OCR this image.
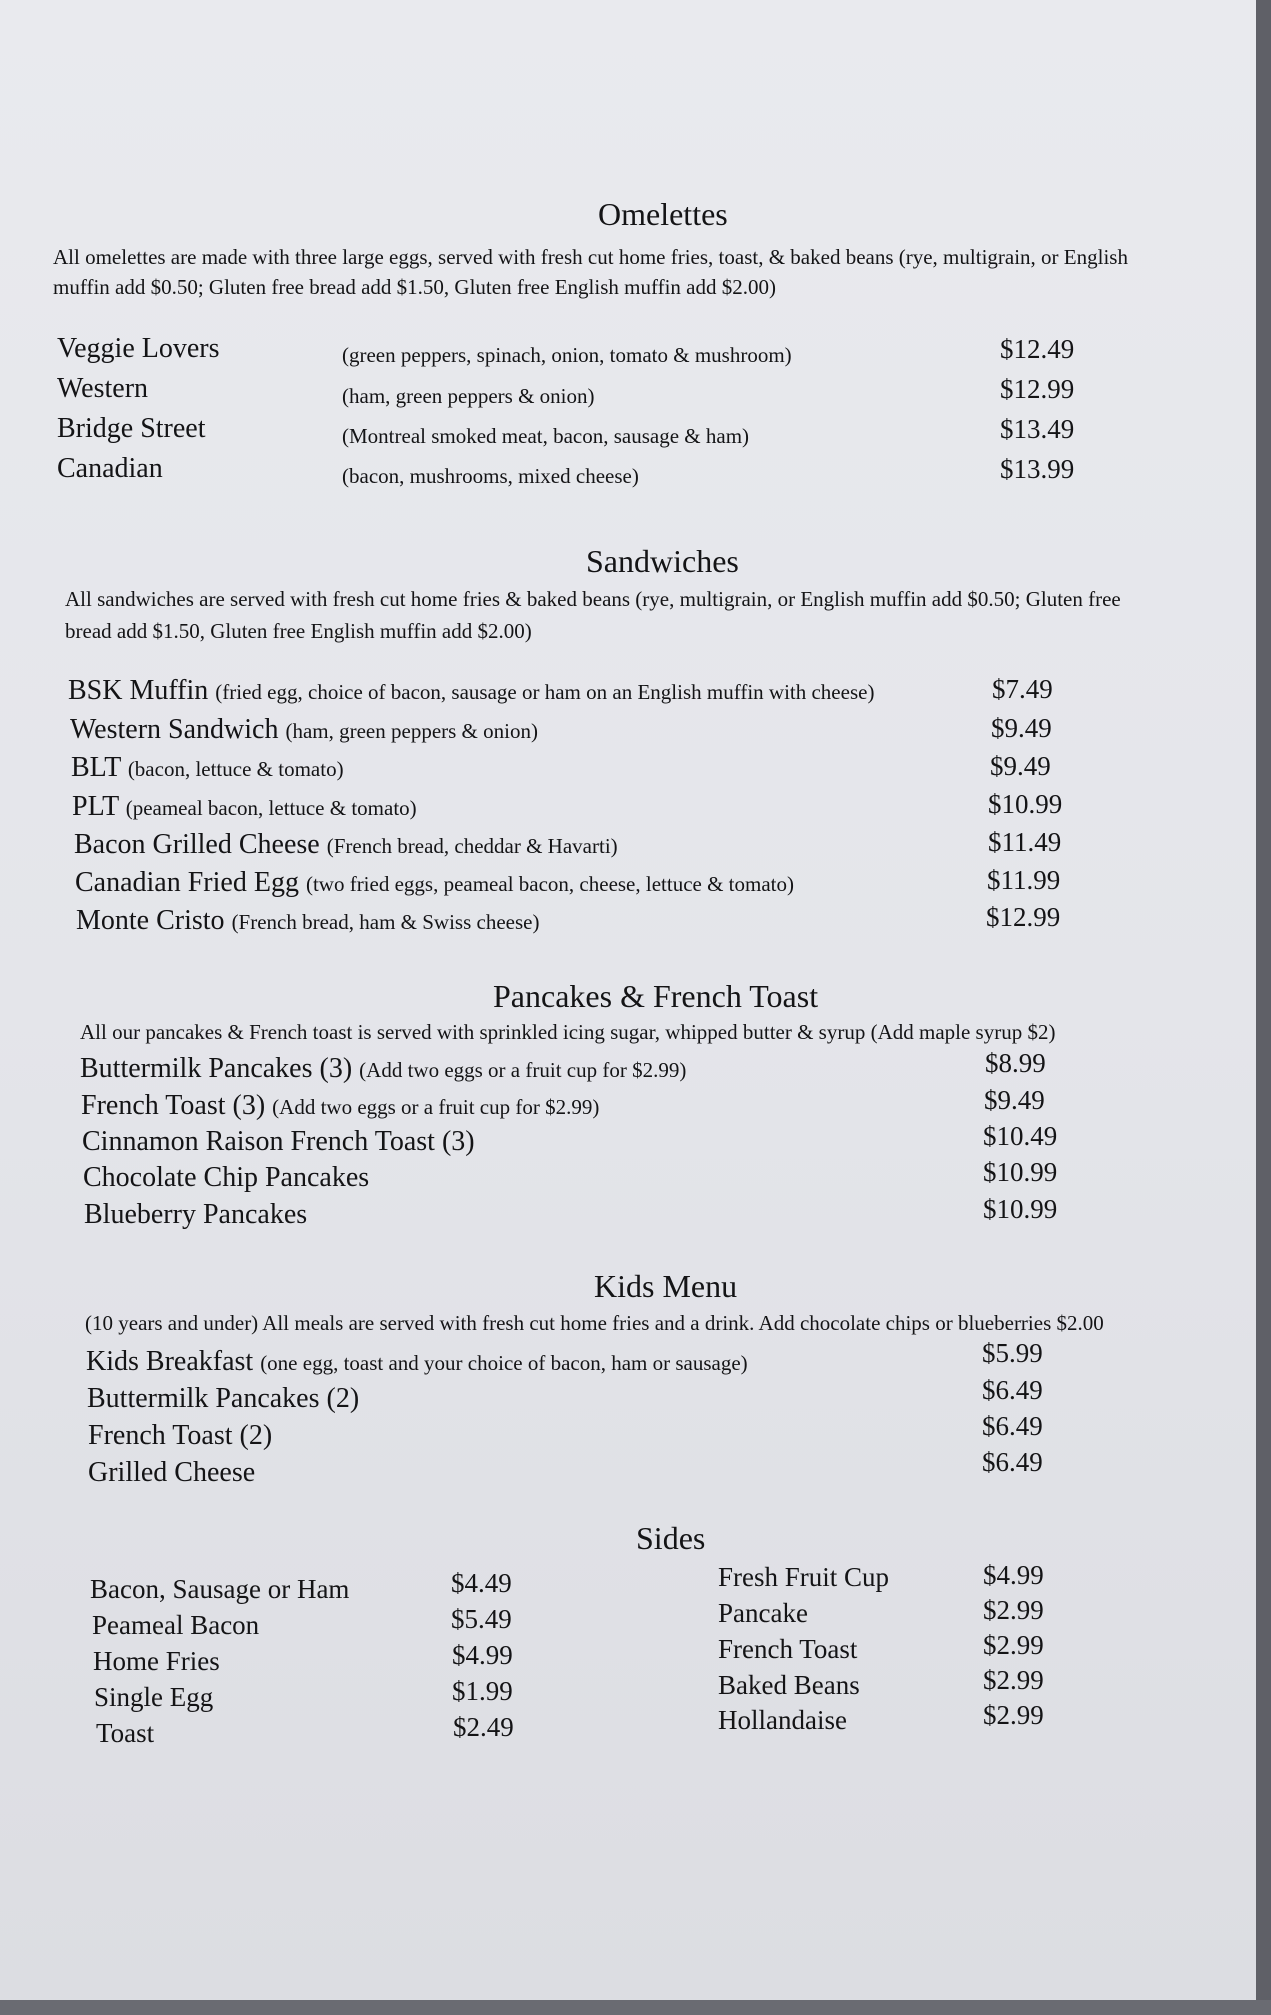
Omelettes
All omelettes are made with three large eggs, served with fresh cut home fries, toast, & baked beans (rye, multigrain, or English
muffin add $0.50; Gluten free bread add $1.50, Gluten free English muffin add $2.00)
Veggie Lovers	(green peppers, spinach, onion, tomato & mushroom)	$12.49
Western	(ham, green peppers & onion)	$12.99
Bridge Street	(Montreal smoked meat, bacon, sausage & ham)	$13.49
Canadian	(bacon, mushrooms, mixed cheese)	$13.99
Sandwiches
All sandwiches are served with fresh cut home fries & baked beans (rye, multigrain, or English muffin add $0.50; Gluten free
bread add $1.50, Gluten free English muffin add $2.00)
BSK Muffin (fried egg, choice of bacon, sausage or ham on an English muffin with cheese)	$7.49
Western Sandwich (ham, green peppers & onion)	$9.49
BLT (bacon, lettuce & tomato)	$9.49
PLT (peameal bacon, lettuce & tomato)	$10.99
Bacon Grilled Cheese (French bread, cheddar & Havarti)	$11.49
Canadian Fried Egg (two fried eggs, peameal bacon, cheese, lettuce & tomato)	$11.99
Monte Cristo (French bread, ham & Swiss cheese)	$12.99
Pancakes & French Toast
All our pancakes & French toast is served with sprinkled icing sugar, whipped butter & syrup (Add maple syrup $2)
Buttermilk Pancakes (3) (Add two eggs or a fruit cup for $2.99)	$8.99
French Toast (3) (Add two eggs or a fruit cup for $2.99)	$9.49
Cinnamon Raison French Toast (3)	$10.49
Chocolate Chip Pancakes	$10.99
Blueberry Pancakes	$10.99
Kids Menu
(10 years and under) All meals are served with fresh cut home fries and a drink. Add chocolate chips or blueberries $2.00
Kids Breakfast (one egg, toast and your choice of bacon, ham or sausage)	$5.99
Buttermilk Pancakes (2)	$6.49
French Toast (2)	$6.49
Grilled Cheese	$6.49
Sides
Bacon, Sausage or Ham	$4.49
Peameal Bacon	$5.49
Home Fries	$4.99
Single Egg	$1.99
Toast	$2.49
Fresh Fruit Cup	$4.99
Pancake	$2.99
French Toast	$2.99
Baked Beans	$2.99
Hollandaise	$2.99
